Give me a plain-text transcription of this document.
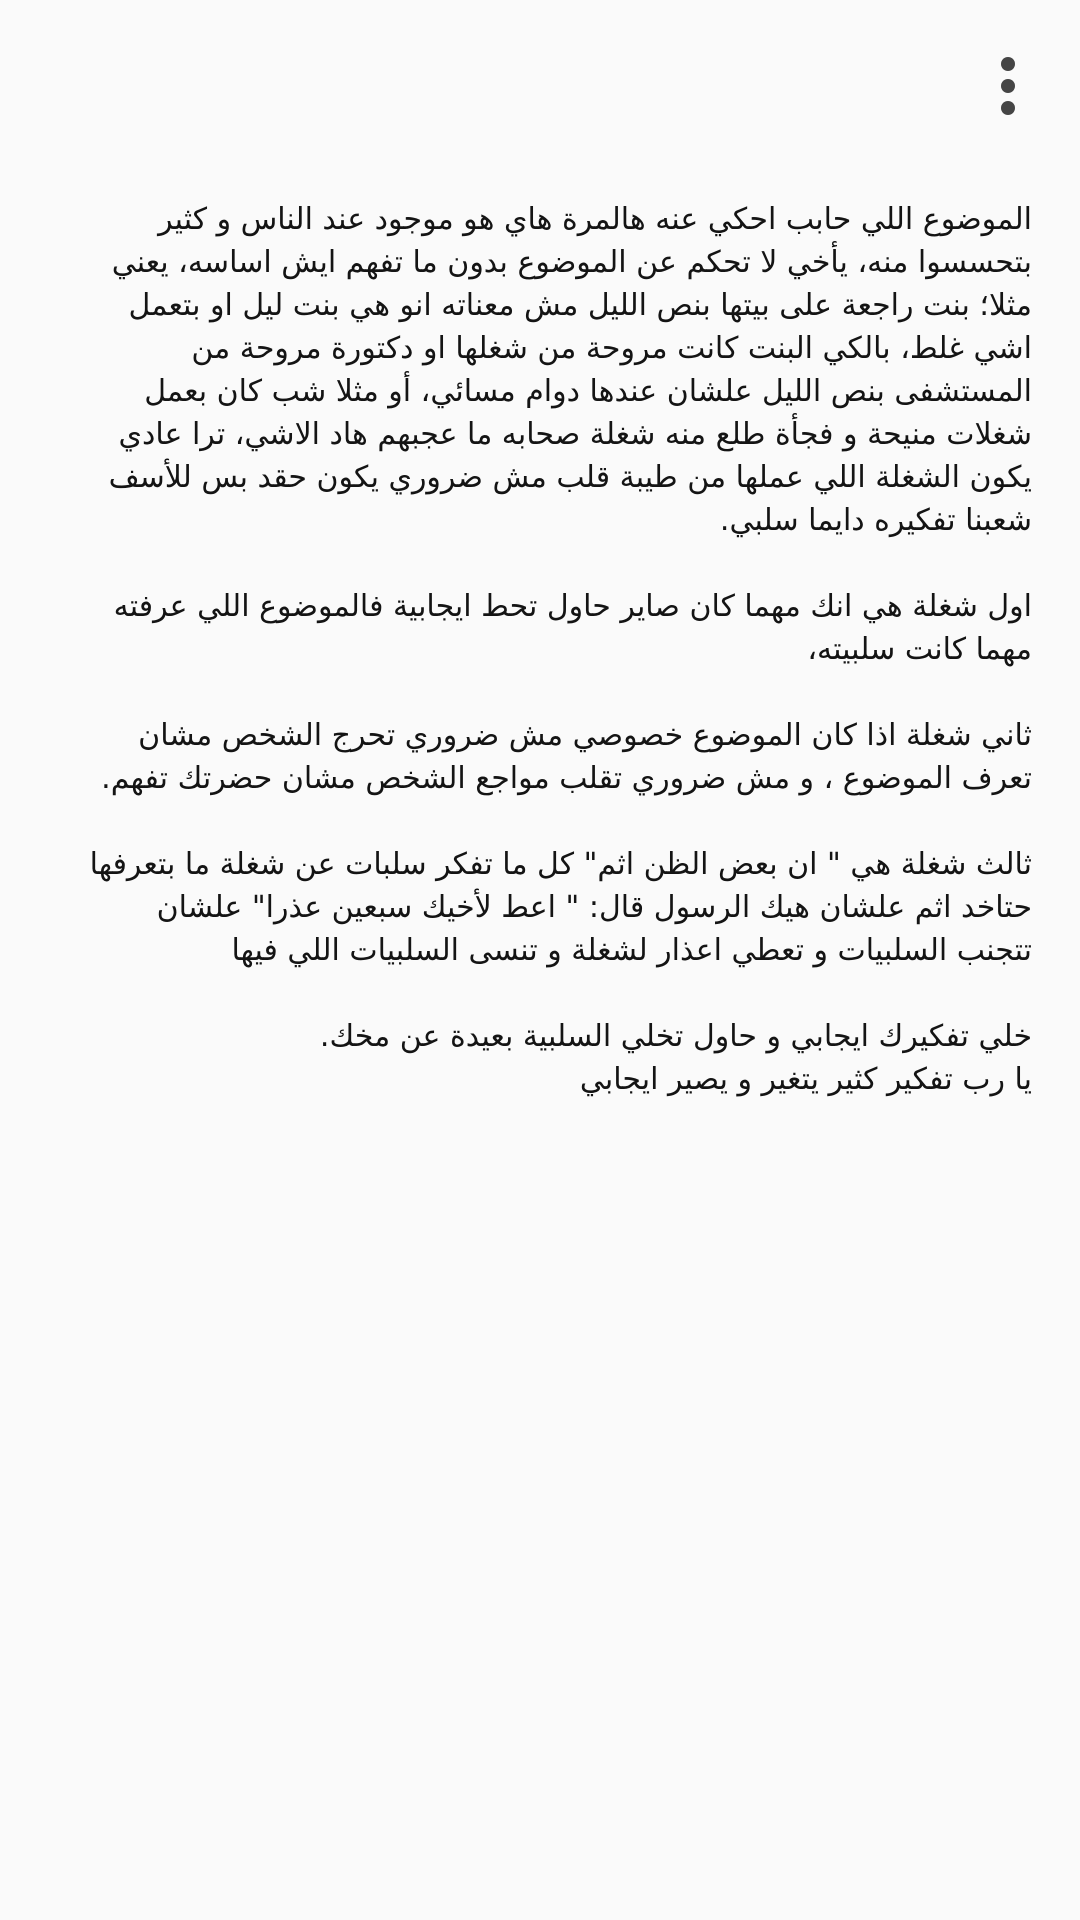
الموضوع اللي حابب احكي عنه هالمرة هاي هو موجود عند الناس و كثير
بتحسسوا منه، يأخي لا تحكم عن الموضوع بدون ما تفهم ايش اساسه، يعني
مثلا؛ بنت راجعة على بيتها بنص الليل مش معناته انو هي بنت ليل او بتعمل
اشي غلط، بالكي البنت كانت مروحة من شغلها او دكتورة مروحة من
المستشفى بنص الليل علشان عندها دوام مسائي، أو مثلا شب كان بعمل
شغلات منيحة و فجأة طلع منه شغلة صحابه ما عجبهم هاد الاشي، ترا عادي
يكون الشغلة اللي عملها من طيبة قلب مش ضروري يكون حقد بس للأسف
شعبنا تفكيره دايما سلبي.

اول شغلة هي انك مهما كان صاير حاول تحط ايجابية فالموضوع اللي عرفته
مهما كانت سلبيته،

ثاني شغلة اذا كان الموضوع خصوصي مش ضروري تحرج الشخص مشان
تعرف الموضوع ، و مش ضروري تقلب مواجع الشخص مشان حضرتك تفهم.

ثالث شغلة هي " ان بعض الظن اثم" كل ما تفكر سلبات عن شغلة ما بتعرفها
حتاخد اثم علشان هيك الرسول قال: " اعط لأخيك سبعين عذرا" علشان
تتجنب السلبيات و تعطي اعذار لشغلة و تنسى السلبيات اللي فيها

خلي تفكيرك ايجابي و حاول تخلي السلبية بعيدة عن مخك.
يا رب تفكير كثير يتغير و يصير ايجابي
